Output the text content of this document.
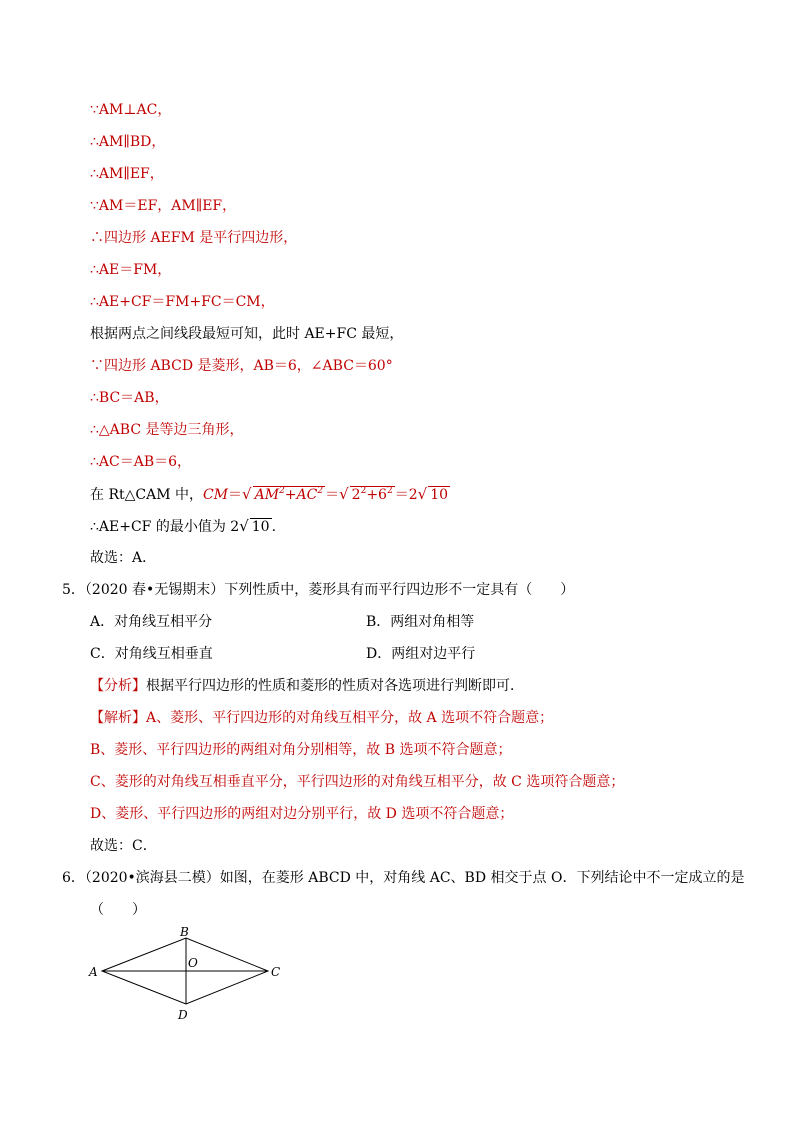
∵AM⊥AC，
∴AM∥BD，
∴AM∥EF，
∵AM＝EF，AM∥EF，
∴四边形 AEFM 是平行四边形，
∴AE＝FM，
∴AE+CF＝FM+FC＝CM，
根据两点之间线段最短可知，此时 AE+FC 最短，
∵四边形 ABCD 是菱形，AB＝6，∠ABC＝60°
∴BC＝AB，
∴△ABC 是等边三角形，
∴AC＝AB＝6，
在 Rt△CAM 中，CM＝√ $AM^2+AC^2$ ＝√ $2^2+6^2 =2√$ 10
∴AE+CF 的最小值为 2√ 10 .
故选：A．
5．（2020 春•无锡期末）下列性质中，菱形具有而平行四边形不一定具有（　　）
A．对角线互相平分	B．两组对角相等
C．对角线互相垂直	D．两组对边平行
【分析】根据平行四边形的性质和菱形的性质对各选项进行判断即可．
【解析】A、菱形、平行四边形的对角线互相平分，故 A 选项不符合题意；
B、菱形、平行四边形的两组对角分别相等，故 B 选项不符合题意；
C、菱形的对角线互相垂直平分，平行四边形的对角线互相平分，故 C 选项符合题意；
D、菱形、平行四边形的两组对边分别平行，故 D 选项不符合题意；
故选：C．
6．（2020•滨海县二模）如图，在菱形 ABCD 中，对角线 AC、BD 相交于点 O．下列结论中不一定成立的是
（　　）
A
B
C
D
O
